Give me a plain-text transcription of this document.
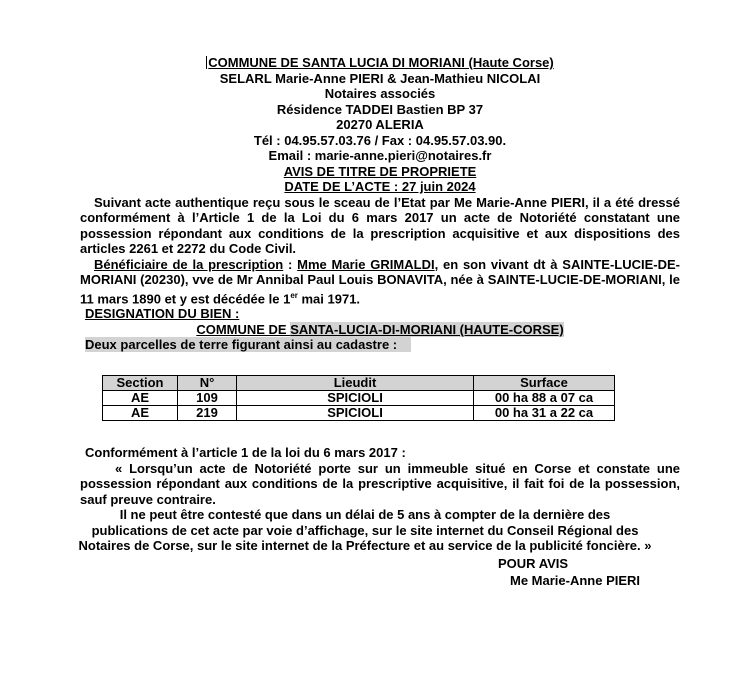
COMMUNE DE SANTA LUCIA DI MORIANI (Haute Corse)
SELARL Marie-Anne PIERI & Jean-Mathieu NICOLAI
Notaires associés
Résidence TADDEI Bastien BP 37
20270 ALERIA
Tél : 04.95.57.03.76 / Fax : 04.95.57.03.90.
Email : marie-anne.pieri@notaires.fr
AVIS DE TITRE DE PROPRIETE
DATE DE L’ACTE : 27 juin 2024
Suivant acte authentique reçu sous le sceau de l’Etat par Me Marie-Anne PIERI, il a été dressé conformément à l’Article 1 de la Loi du 6 mars 2017 un acte de Notoriété constatant une possession répondant aux conditions de la prescription acquisitive et aux dispositions des articles 2261 et 2272 du Code Civil.
Bénéficiaire de la prescription : Mme Marie GRIMALDI, en son vivant dt à SAINTE-LUCIE-DE-MORIANI (20230), vve de Mr Annibal Paul Louis BONAVITA, née à SAINTE-LUCIE-DE-MORIANI, le 11 mars 1890 et y est décédée le 1er mai 1971.
DESIGNATION DU BIEN :
COMMUNE DE SANTA-LUCIA-DI-MORIANI (HAUTE-CORSE)
Deux parcelles de terre figurant ainsi au cadastre :
Section	N°	Lieudit	Surface
AE	109	SPICIOLI	00 ha 88 a 07 ca
AE	219	SPICIOLI	00 ha 31 a 22 ca
Conformément à l’article 1 de la loi du 6 mars 2017 :
« Lorsqu’un acte de Notoriété porte sur un immeuble situé en Corse et constate une possession répondant aux conditions de la prescriptive acquisitive, il fait foi de la possession, sauf preuve contraire.
Il ne peut être contesté que dans un délai de 5 ans à compter de la dernière des
publications de cet acte par voie d’affichage, sur le site internet du Conseil Régional des
Notaires de Corse, sur le site internet de la Préfecture et au service de la publicité foncière. »
POUR AVIS
Me Marie-Anne PIERI
